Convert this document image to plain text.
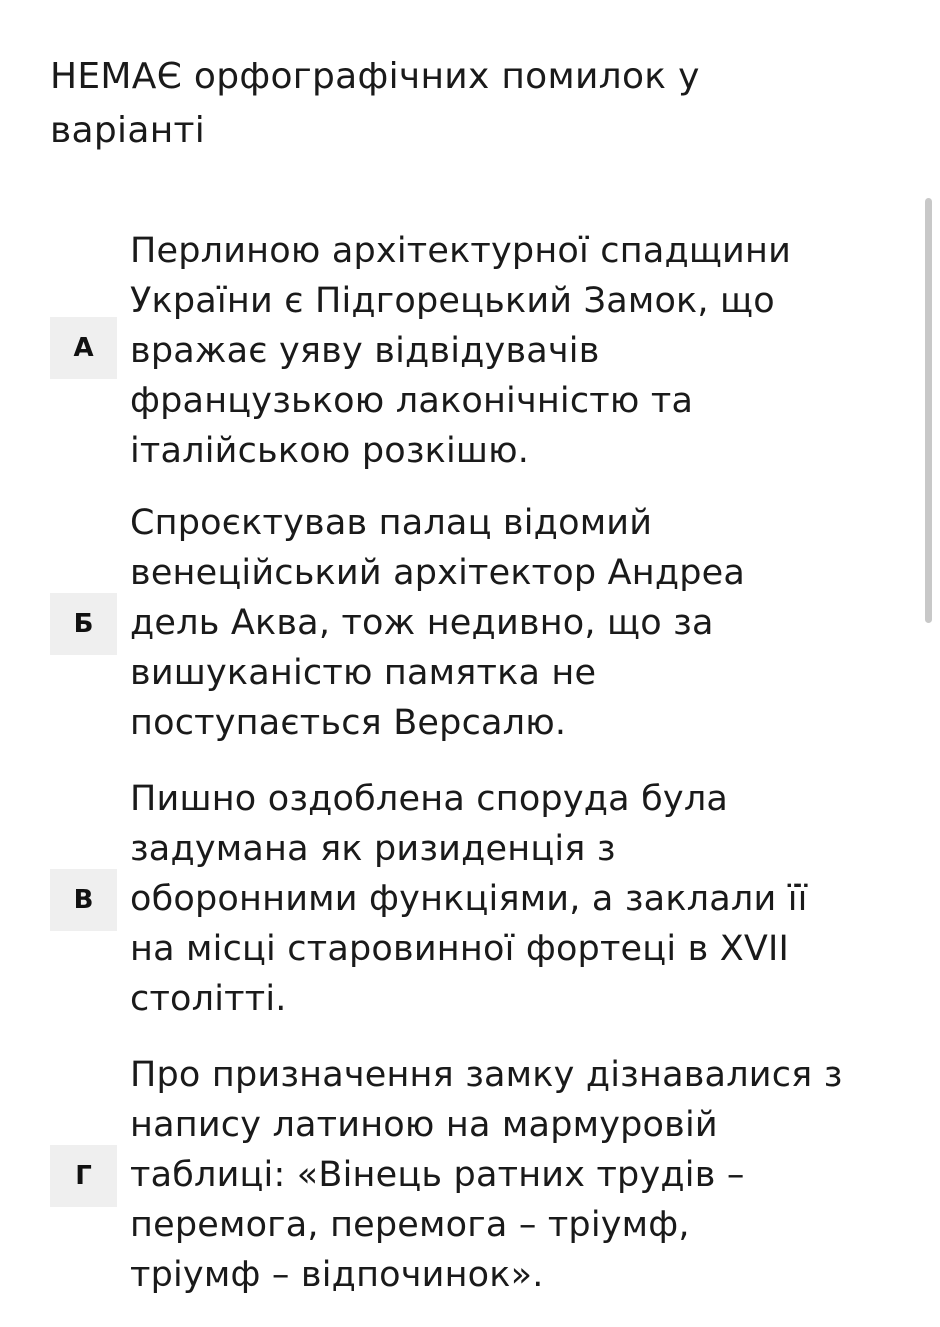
НЕМАЄ орфографічних помилок у варіанті
А
Перлиною архітектурної спадщини
України є Підгорецький Замок, що
вражає уяву відвідувачів
французькою лаконічністю та
італійською розкішю.
Б
Спроєктував палац відомий
венеційський архітектор Андреа
дель Аква, тож недивно, що за
вишуканістю памятка не
поступається Версалю.
В
Пишно оздоблена споруда була
задумана як ризиденція з
оборонними функціями, а заклали її
на місці старовинної фортеці в XVII
столітті.
Г
Про призначення замку дізнавалися з
напису латиною на мармуровій
таблиці: «Вінець ратних трудів –
перемога, перемога – тріумф,
тріумф – відпочинок».
